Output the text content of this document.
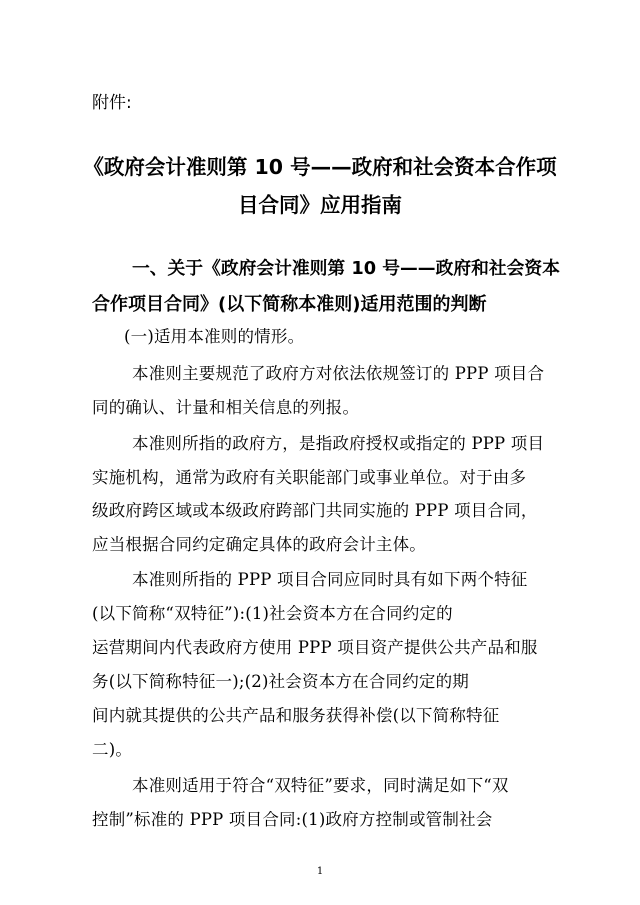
附件:
《政府会计准则第 10 号——政府和社会资本合作项
目合同》应用指南
一、关于《政府会计准则第 10 号——政府和社会资本
合作项目合同》(以下简称本准则)适用范围的判断
(一)适用本准则的情形。
本准则主要规范了政府方对依法依规签订的 PPP 项目合
同的确认、计量和相关信息的列报。
本准则所指的政府方，是指政府授权或指定的 PPP 项目
实施机构，通常为政府有关职能部门或事业单位。对于由多
级政府跨区域或本级政府跨部门共同实施的 PPP 项目合同，
应当根据合同约定确定具体的政府会计主体。
本准则所指的 PPP 项目合同应同时具有如下两个特征
(以下简称“双特征”):(1)社会资本方在合同约定的
运营期间内代表政府方使用 PPP 项目资产提供公共产品和服
务(以下简称特征一);(2)社会资本方在合同约定的期
间内就其提供的公共产品和服务获得补偿(以下简称特征
二)。
本准则适用于符合“双特征”要求，同时满足如下“双
控制”标准的 PPP 项目合同:(1)政府方控制或管制社会
1
